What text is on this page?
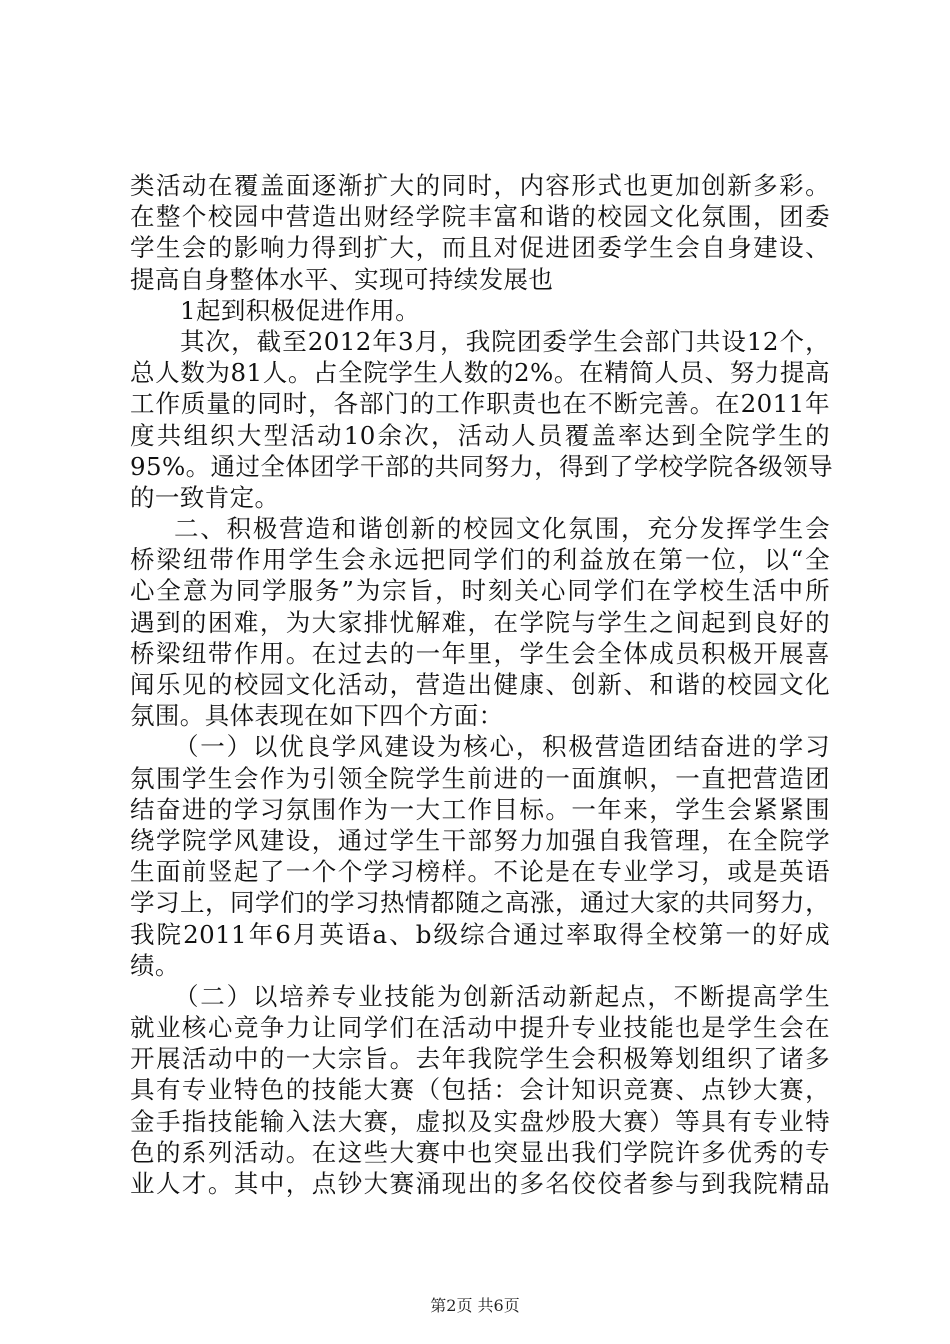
类活动在覆盖面逐渐扩大的同时，内容形式也更加创新多彩。
在整个校园中营造出财经学院丰富和谐的校园文化氛围，团委
学生会的影响力得到扩大，而且对促进团委学生会自身建设、
提高自身整体水平、实现可持续发展也
1起到积极促进作用。
其次，截至2012年3月，我院团委学生会部门共设12个，
总人数为81人。占全院学生人数的2%。在精简人员、努力提高
工作质量的同时，各部门的工作职责也在不断完善。在2011年
度共组织大型活动10余次，活动人员覆盖率达到全院学生的
95%。通过全体团学干部的共同努力，得到了学校学院各级领导
的一致肯定。
二、积极营造和谐创新的校园文化氛围，充分发挥学生会
桥梁纽带作用学生会永远把同学们的利益放在第一位，以“全
心全意为同学服务”为宗旨，时刻关心同学们在学校生活中所
遇到的困难，为大家排忧解难，在学院与学生之间起到良好的
桥梁纽带作用。在过去的一年里，学生会全体成员积极开展喜
闻乐见的校园文化活动，营造出健康、创新、和谐的校园文化
氛围。具体表现在如下四个方面：
（一）以优良学风建设为核心，积极营造团结奋进的学习
氛围学生会作为引领全院学生前进的一面旗帜，一直把营造团
结奋进的学习氛围作为一大工作目标。一年来，学生会紧紧围
绕学院学风建设，通过学生干部努力加强自我管理，在全院学
生面前竖起了一个个学习榜样。不论是在专业学习，或是英语
学习上，同学们的学习热情都随之高涨，通过大家的共同努力，
我院2011年6月英语a、b级综合通过率取得全校第一的好成
绩。
（二）以培养专业技能为创新活动新起点，不断提高学生
就业核心竞争力让同学们在活动中提升专业技能也是学生会在
开展活动中的一大宗旨。去年我院学生会积极筹划组织了诸多
具有专业特色的技能大赛（包括：会计知识竞赛、点钞大赛，
金手指技能输入法大赛，虚拟及实盘炒股大赛）等具有专业特
色的系列活动。在这些大赛中也突显出我们学院许多优秀的专
业人才。其中，点钞大赛涌现出的多名佼佼者参与到我院精品
第2页 共6页
